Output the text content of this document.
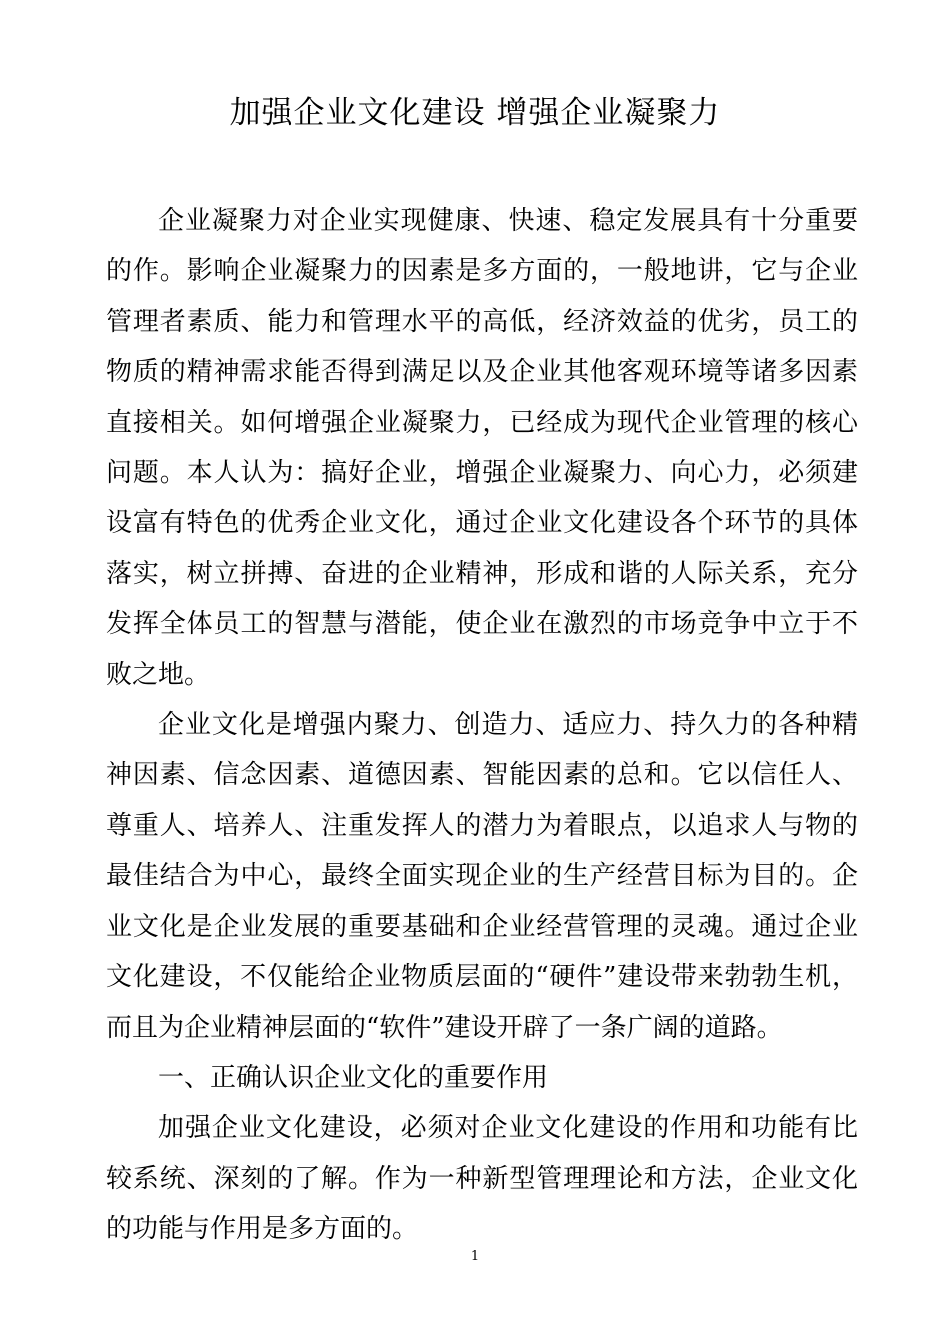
加强企业文化建设 增强企业凝聚力

企业凝聚力对企业实现健康、快速、稳定发展具有十分重要的作。影响企业凝聚力的因素是多方面的，一般地讲，它与企业管理者素质、能力和管理水平的高低，经济效益的优劣，员工的物质的精神需求能否得到满足以及企业其他客观环境等诸多因素直接相关。如何增强企业凝聚力，已经成为现代企业管理的核心问题。本人认为：搞好企业，增强企业凝聚力、向心力，必须建设富有特色的优秀企业文化，通过企业文化建设各个环节的具体落实，树立拼搏、奋进的企业精神，形成和谐的人际关系，充分发挥全体员工的智慧与潜能，使企业在激烈的市场竞争中立于不败之地。

企业文化是增强内聚力、创造力、适应力、持久力的各种精神因素、信念因素、道德因素、智能因素的总和。它以信任人、尊重人、培养人、注重发挥人的潜力为着眼点，以追求人与物的最佳结合为中心，最终全面实现企业的生产经营目标为目的。企业文化是企业发展的重要基础和企业经营管理的灵魂。通过企业文化建设，不仅能给企业物质层面的“硬件”建设带来勃勃生机，而且为企业精神层面的“软件”建设开辟了一条广阔的道路。

一、正确认识企业文化的重要作用

加强企业文化建设，必须对企业文化建设的作用和功能有比较系统、深刻的了解。作为一种新型管理理论和方法，企业文化的功能与作用是多方面的。

1
